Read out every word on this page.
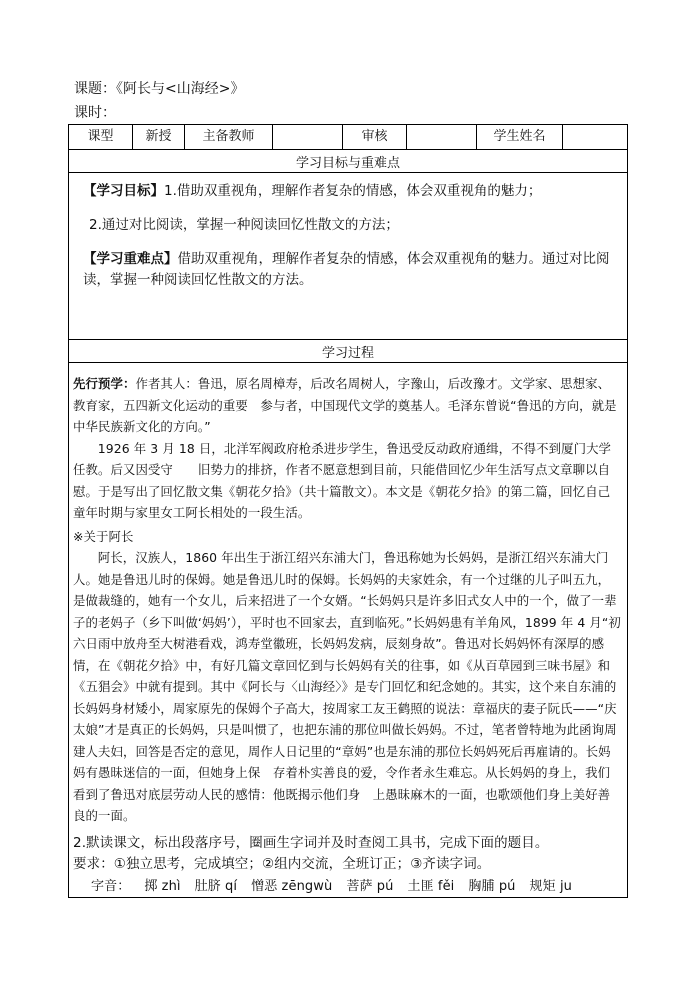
课题：《阿长与<山海经>》
课时：
课型	新授	主备教师		审核		学生姓名	
学习目标与重难点

【学习目标】1.借助双重视角，理解作者复杂的情感，体会双重视角的魅力；

2.通过对比阅读，掌握一种阅读回忆性散文的方法；

【学习重难点】借助双重视角，理解作者复杂的情感，体会双重视角的魅力。通过对比阅读，掌握一种阅读回忆性散文的方法。

学习过程

先行预学：作者其人：鲁迅，原名周樟寿，后改名周树人，字豫山，后改豫才。文学家、思想家、教育家，五四新文化运动的重要　参与者，中国现代文学的奠基人。毛泽东曾说“鲁迅的方向，就是中华民族新文化的方向。”

1926 年 3 月 18 日，北洋军阀政府枪杀进步学生，鲁迅受反动政府通缉，不得不到厦门大学任教。后又因受守　　旧势力的排挤，作者不愿意想到目前，只能借回忆少年生活写点文章聊以自慰。于是写出了回忆散文集《朝花夕拾》（共十篇散文）。本文是《朝花夕拾》的第二篇，回忆自己童年时期与家里女工阿长相处的一段生活。

※关于阿长

阿长，汉族人，1860 年出生于浙江绍兴东浦大门，鲁迅称她为长妈妈，是浙江绍兴东浦大门人。她是鲁迅儿时的保姆。她是鲁迅儿时的保姆。长妈妈的夫家姓余，有一个过继的儿子叫五九，是做裁缝的，她有一个女儿，后来招进了一个女婿。“长妈妈只是许多旧式女人中的一个，做了一辈子的老妈子（乡下叫做‘妈妈’），平时也不回家去，直到临死。”长妈妈患有羊角风，1899 年 4 月“初六日雨中放舟至大树港看戏，鸿寿堂徽班，长妈妈发病，辰刻身故”。鲁迅对长妈妈怀有深厚的感情，在《朝花夕拾》中，有好几篇文章回忆到与长妈妈有关的往事，如《从百草园到三味书屋》和《五猖会》中就有提到。其中《阿长与〈山海经〉》是专门回忆和纪念她的。其实，这个来自东浦的长妈妈身材矮小，周家原先的保姆个子高大，按周家工友王鹤照的说法：章福庆的妻子阮氏——“庆太娘”才是真正的长妈妈，只是叫惯了，也把东浦的那位叫做长妈妈。不过，笔者曾特地为此函询周建人夫妇，回答是否定的意见，周作人日记里的“章妈”也是东浦的那位长妈妈死后再雇请的。长妈妈有愚昧迷信的一面，但她身上保　存着朴实善良的爱，令作者永生难忘。从长妈妈的身上，我们看到了鲁迅对底层劳动人民的感情：他既揭示他们身　上愚昧麻木的一面，也歌颂他们身上美好善良的一面。

2.默读课文，标出段落序号，圈画生字词并及时查阅工具书，完成下面的题目。

要求：①独立思考，完成填空；②组内交流，全班订正；③齐读字词。

字音： 掷 zhì 肚脐 qí 憎恶 zēngwù 菩萨 pú 土匪 fěi 胸脯 pú 规矩 ju
